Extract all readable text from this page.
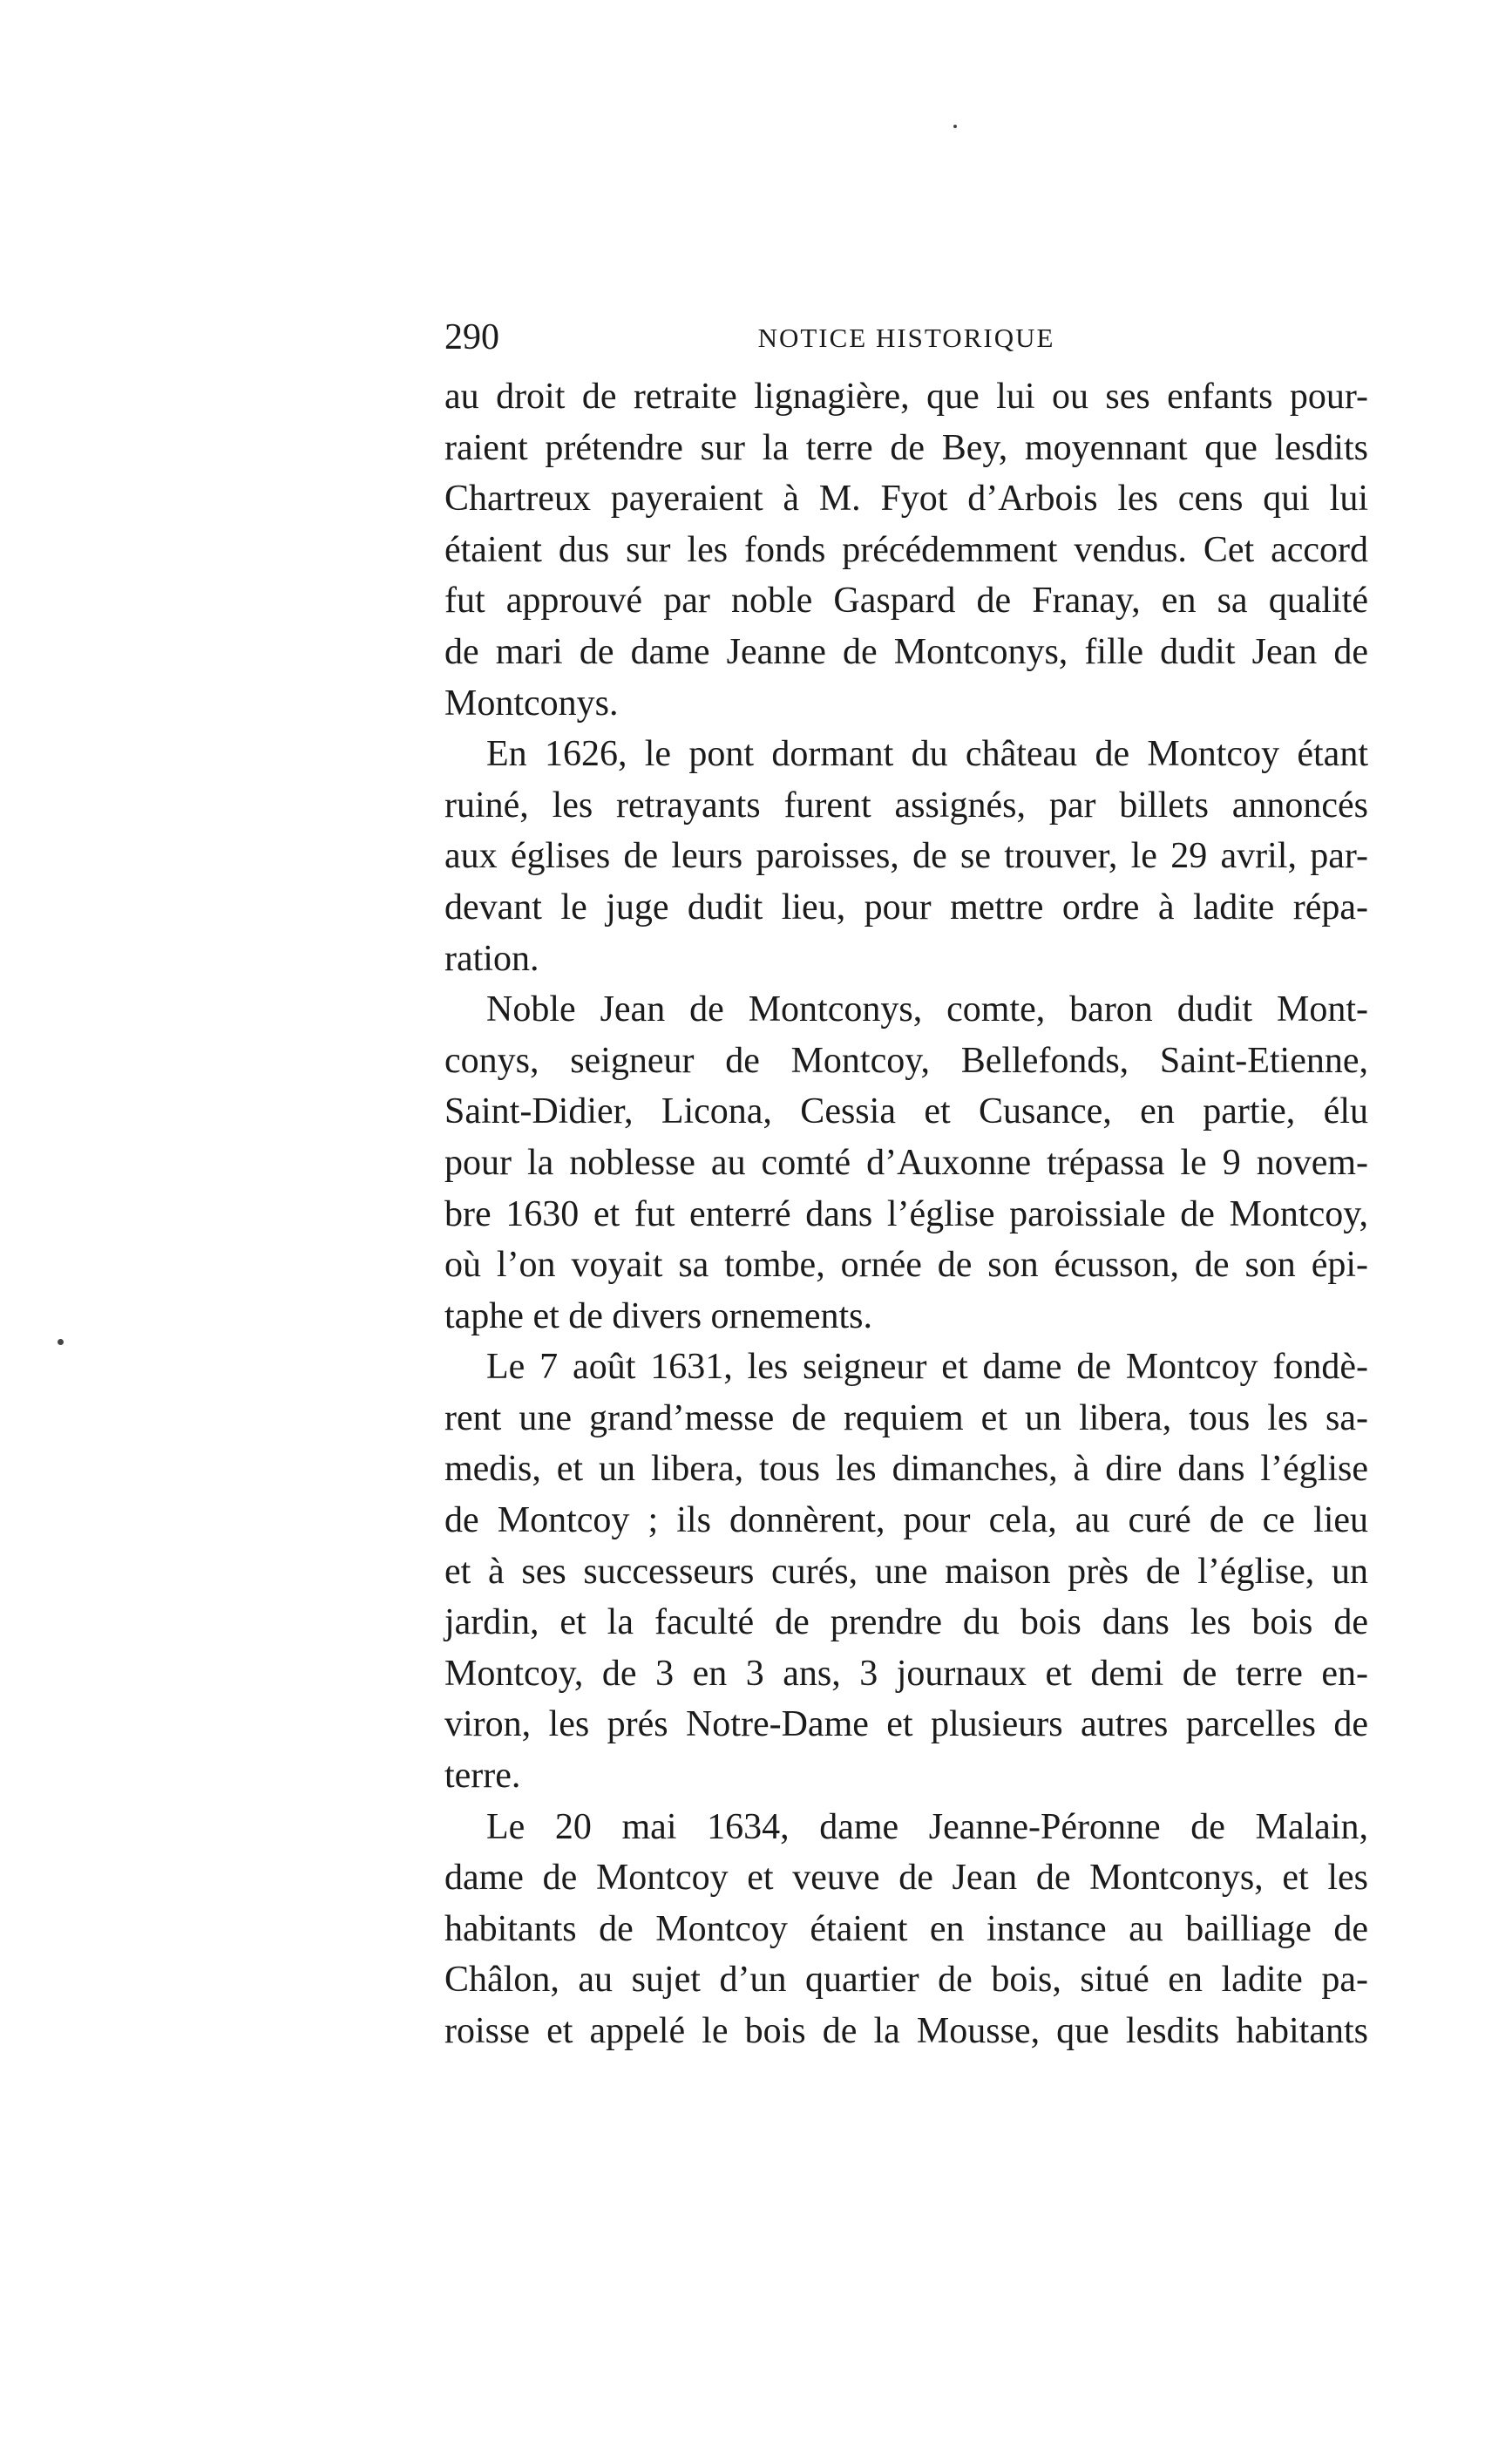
290	NOTICE HISTORIQUE
au droit de retraite lignagière, que lui ou ses enfants pour-
raient prétendre sur la terre de Bey, moyennant que lesdits
Chartreux payeraient à M. Fyot d’Arbois les cens qui lui
étaient dus sur les fonds précédemment vendus. Cet accord
fut approuvé par noble Gaspard de Franay, en sa qualité
de mari de dame Jeanne de Montconys, fille dudit Jean de
Montconys.
En 1626, le pont dormant du château de Montcoy étant
ruiné, les retrayants furent assignés, par billets annoncés
aux églises de leurs paroisses, de se trouver, le 29 avril, par-
devant le juge dudit lieu, pour mettre ordre à ladite répa-
ration.
Noble Jean de Montconys, comte, baron dudit Mont-
conys, seigneur de Montcoy, Bellefonds, Saint-Etienne,
Saint-Didier, Licona, Cessia et Cusance, en partie, élu
pour la noblesse au comté d’Auxonne trépassa le 9 novem-
bre 1630 et fut enterré dans l’église paroissiale de Montcoy,
où l’on voyait sa tombe, ornée de son écusson, de son épi-
taphe et de divers ornements.
Le 7 août 1631, les seigneur et dame de Montcoy fondè-
rent une grand’messe de requiem et un libera, tous les sa-
medis, et un libera, tous les dimanches, à dire dans l’église
de Montcoy ; ils donnèrent, pour cela, au curé de ce lieu
et à ses successeurs curés, une maison près de l’église, un
jardin, et la faculté de prendre du bois dans les bois de
Montcoy, de 3 en 3 ans, 3 journaux et demi de terre en-
viron, les prés Notre-Dame et plusieurs autres parcelles de
terre.
Le 20 mai 1634, dame Jeanne-Péronne de Malain,
dame de Montcoy et veuve de Jean de Montconys, et les
habitants de Montcoy étaient en instance au bailliage de
Châlon, au sujet d’un quartier de bois, situé en ladite pa-
roisse et appelé le bois de la Mousse, que lesdits habitants
